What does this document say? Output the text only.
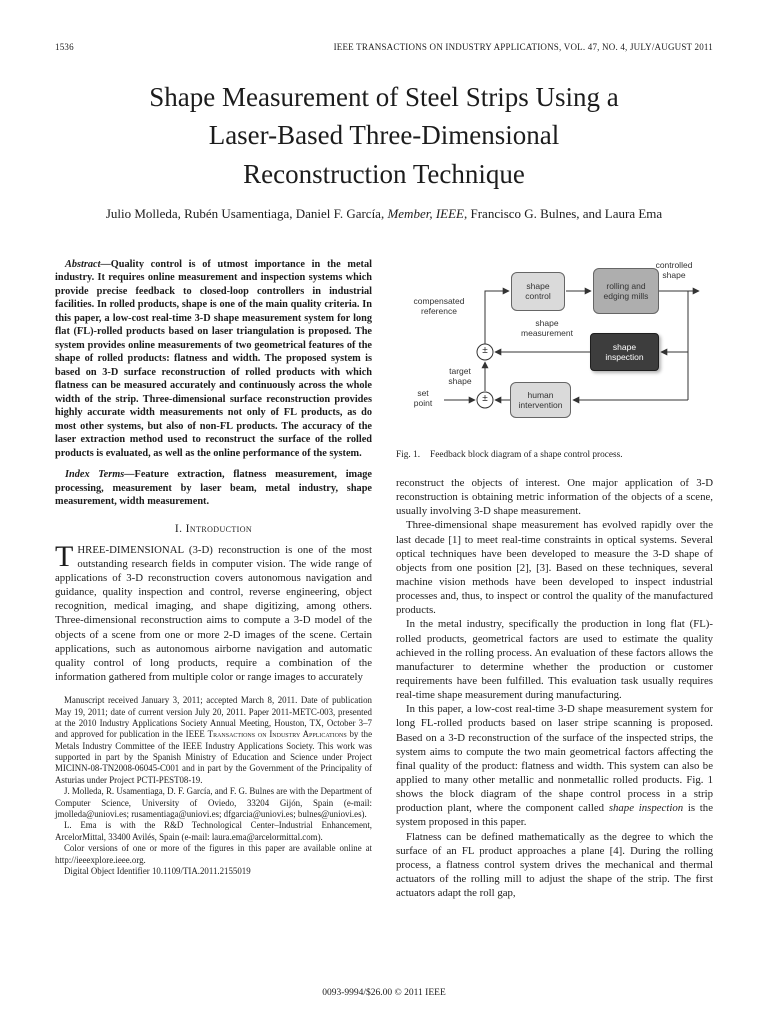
1536	IEEE TRANSACTIONS ON INDUSTRY APPLICATIONS, VOL. 47, NO. 4, JULY/AUGUST 2011
Shape Measurement of Steel Strips Using a
Laser-Based Three-Dimensional
Reconstruction Technique
Julio Molleda, Rubén Usamentiaga, Daniel F. García, Member, IEEE, Francisco G. Bulnes, and Laura Ema

Abstract—Quality control is of utmost importance in the metal industry. It requires online measurement and inspection systems which provide precise feedback to closed-loop controllers in industrial facilities. In rolled products, shape is one of the main quality criteria. In this paper, a low-cost real-time 3-D shape measurement system for long flat (FL)-rolled products based on laser triangulation is proposed. The system provides online measurements of two geometrical features of the shape of rolled products: flatness and width. The proposed system is based on 3-D surface reconstruction of rolled products with which flatness can be measured accurately and continuously across the whole width of the strip. Three-dimensional surface reconstruction provides highly accurate width measurements not only of FL products, as do most other systems, but also of non-FL products. The accuracy of the laser extraction method used to reconstruct the surface of the rolled products is evaluated, as well as the online performance of the system.

Index Terms—Feature extraction, flatness measurement, image processing, measurement by laser beam, metal industry, shape measurement, width measurement.

I. Introduction

THREE-DIMENSIONAL (3-D) reconstruction is one of the most outstanding research fields in computer vision. The wide range of applications of 3-D reconstruction covers autonomous navigation and guidance, quality inspection and control, reverse engineering, object recognition, medical imaging, and shape digitizing, among others. Three-dimensional reconstruction aims to compute a 3-D model of the objects of a scene from one or more 2-D images of the scene. Certain applications, such as autonomous airborne navigation and automatic quality control of long products, require a combination of the information gathered from multiple color or range images to accurately

Manuscript received January 3, 2011; accepted March 8, 2011. Date of publication May 19, 2011; date of current version July 20, 2011. Paper 2011-METC-003, presented at the 2010 Industry Applications Society Annual Meeting, Houston, TX, October 3–7 and approved for publication in the IEEE Transactions on Industry Applications by the Metals Industry Committee of the IEEE Industry Applications Society. This work was supported in part by the Spanish Ministry of Education and Science under Project MICINN-08-TN2008-06045-C001 and in part by the Government of the Principality of Asturias under Project PCTI-PEST08-19.

J. Molleda, R. Usamentiaga, D. F. García, and F. G. Bulnes are with the Department of Computer Science, University of Oviedo, 33204 Gijón, Spain (e-mail: jmolleda@uniovi.es; rusamentiaga@uniovi.es; dfgarcia@uniovi.es; bulnes@uniovi.es).

L. Ema is with the R&D Technological Center–Industrial Enhancement, ArcelorMittal, 33400 Avilés, Spain (e-mail: laura.ema@arcelormittal.com).

Color versions of one or more of the figures in this paper are available online at http://ieeexplore.ieee.org.

Digital Object Identifier 10.1109/TIA.2011.2155019

shape control
rolling and edging mills
shape inspection
human intervention
compensated reference
controlled shape
shape measurement
target shape
set point
±
±
Fig. 1. Feedback block diagram of a shape control process.

reconstruct the objects of interest. One major application of 3-D reconstruction is obtaining metric information of the objects of a scene, usually involving 3-D shape measurement.

Three-dimensional shape measurement has evolved rapidly over the last decade [1] to meet real-time constraints in optical systems. Several optical techniques have been developed to measure the 3-D shape of objects from one position [2], [3]. Based on these techniques, several machine vision methods have been developed to inspect industrial processes and, thus, to inspect or control the quality of the manufactured products.

In the metal industry, specifically the production in long flat (FL)-rolled products, geometrical factors are used to estimate the quality achieved in the rolling process. An evaluation of these factors allows the manufacturer to determine whether the production or customer requirements have been fulfilled. This evaluation task usually requires real-time shape measurement during manufacturing.

In this paper, a low-cost real-time 3-D shape measurement system for long FL-rolled products based on laser stripe scanning is proposed. Based on a 3-D reconstruction of the surface of the inspected strips, the system aims to compute the two main geometrical factors affecting the final quality of the product: flatness and width. This system can also be applied to many other metallic and nonmetallic rolled products. Fig. 1 shows the block diagram of the shape control process in a strip production plant, where the component called shape inspection is the system proposed in this paper.

Flatness can be defined mathematically as the degree to which the surface of an FL product approaches a plane [4]. During the rolling process, a flatness control system drives the mechanical and thermal actuators of the rolling mill to adjust the shape of the strip. The first actuators adapt the roll gap,

0093-9994/$26.00 © 2011 IEEE
